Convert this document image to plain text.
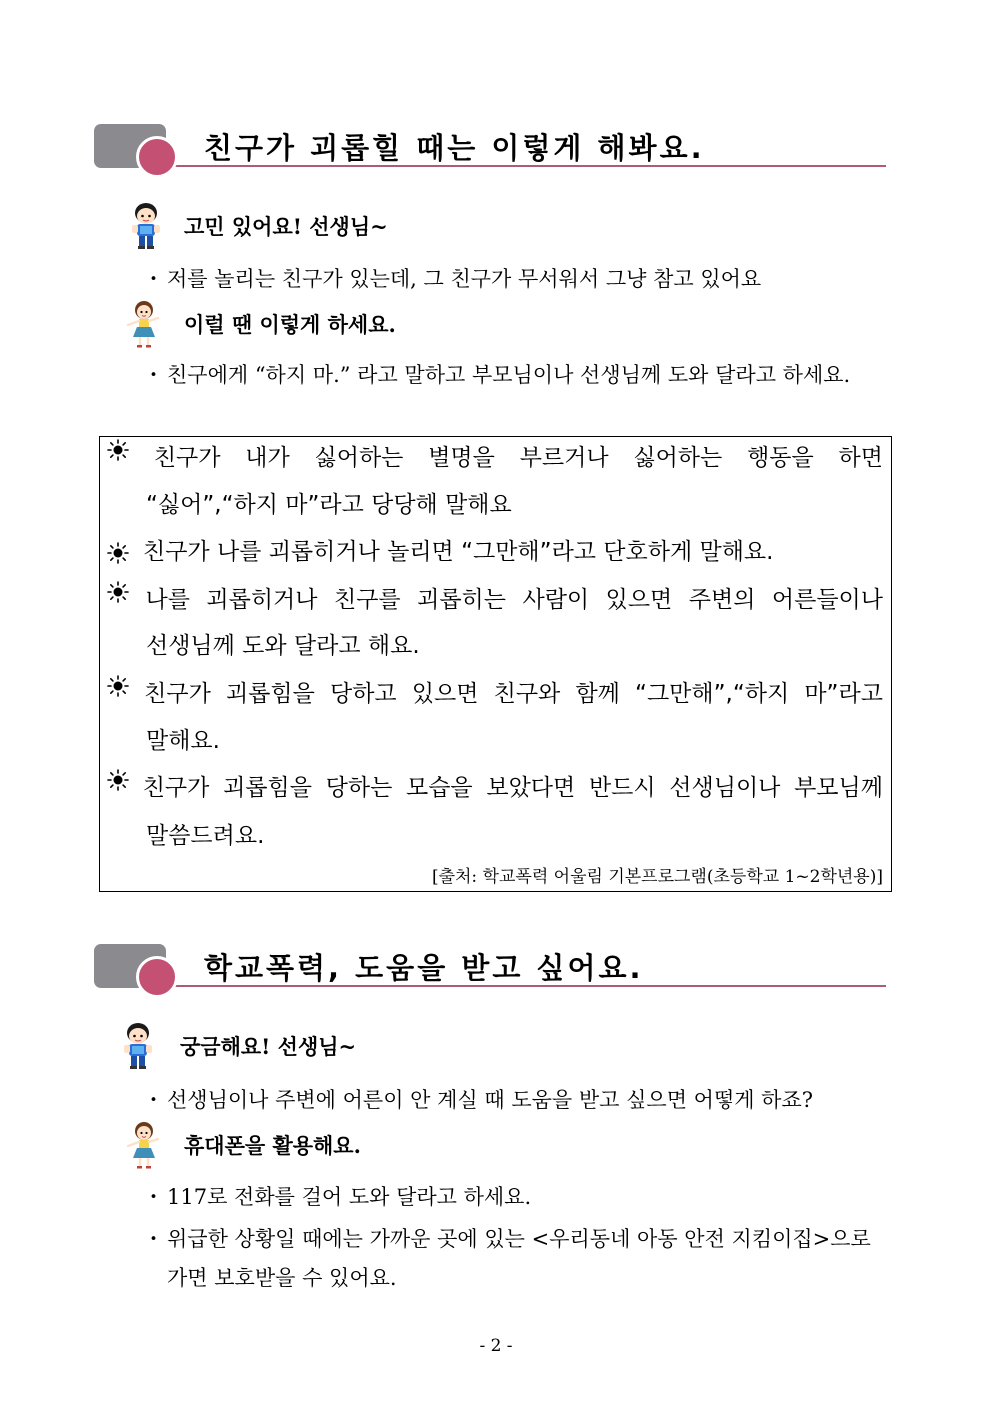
친구가 괴롭힐 때는 이렇게 해봐요.
고민 있어요! 선생님~
・ 저를 놀리는 친구가 있는데, 그 친구가 무서워서 그냥 참고 있어요
이럴 땐 이렇게 하세요.
・ 친구에게 “하지 마.” 라고 말하고 부모님이나 선생님께 도와 달라고 하세요.
친구가 내가 싫어하는 별명을 부르거나 싫어하는 행동을 하면
“싫어”,“하지 마”라고 당당해 말해요
친구가 나를 괴롭히거나 놀리면 “그만해”라고 단호하게 말해요.
나를 괴롭히거나 친구를 괴롭히는 사람이 있으면 주변의 어른들이나
선생님께 도와 달라고 해요.
친구가 괴롭힘을 당하고 있으면 친구와 함께 “그만해”,“하지 마”라고
말해요.
친구가 괴롭힘을 당하는 모습을 보았다면 반드시 선생님이나 부모님께
말씀드려요.
[출처: 학교폭력 어울림 기본프로그램(초등학교 1~2학년용)]
학교폭력, 도움을 받고 싶어요.
궁금해요! 선생님~
・ 선생님이나 주변에 어른이 안 계실 때 도움을 받고 싶으면 어떻게 하죠?
휴대폰을 활용해요.
・ 117로 전화를 걸어 도와 달라고 하세요.
・ 위급한 상황일 때에는 가까운 곳에 있는 <우리동네 아동 안전 지킴이집>으로
가면 보호받을 수 있어요.
- 2 -
